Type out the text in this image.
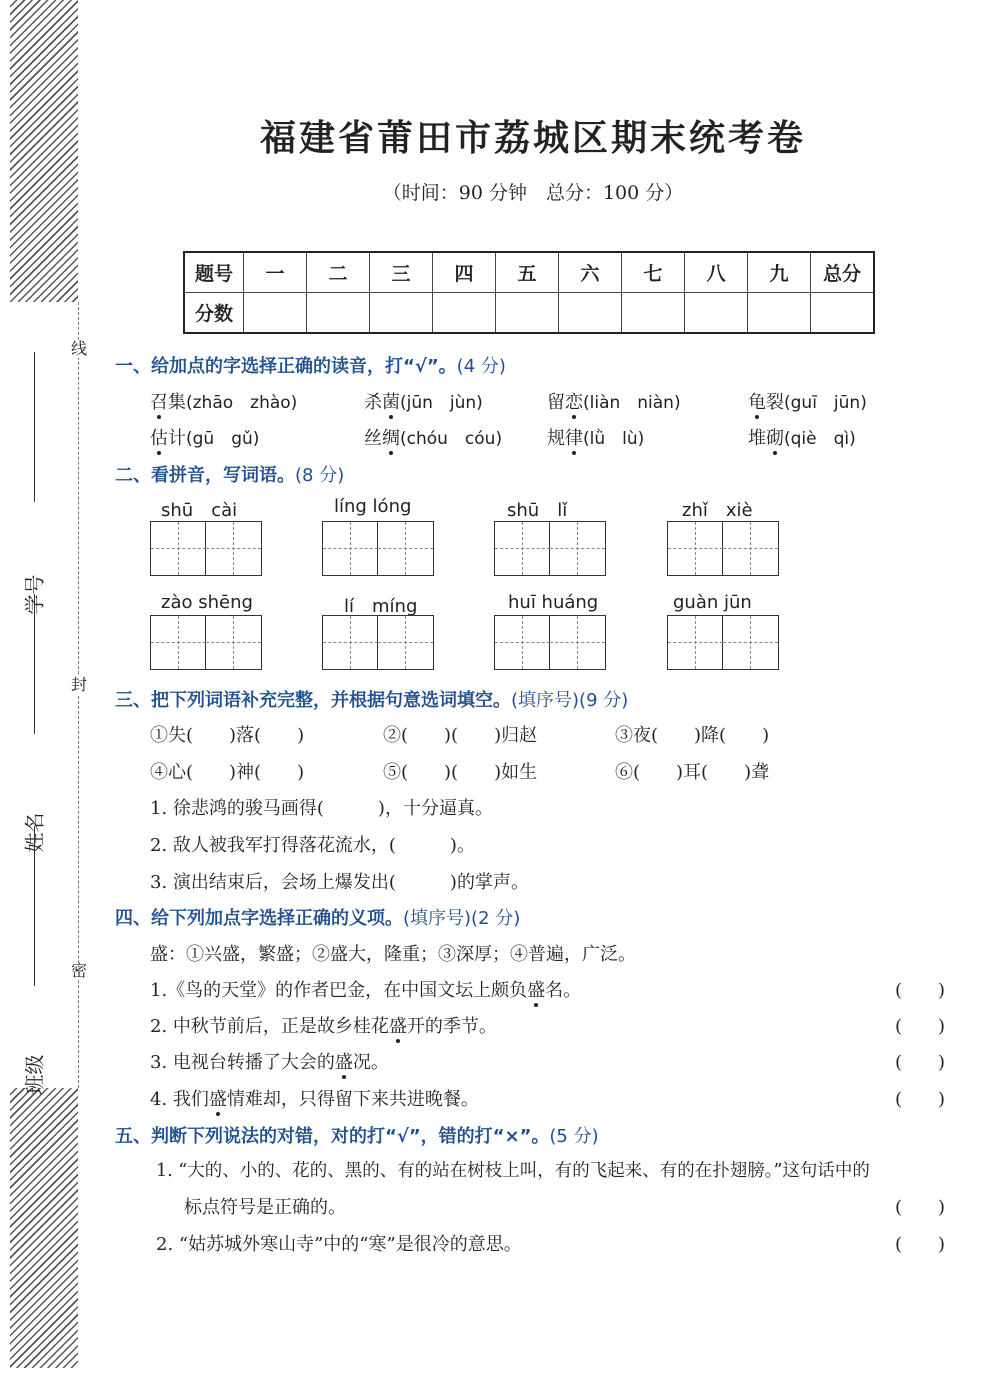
线
封
密
学号
姓名
班级
福建省莆田市荔城区期末统考卷
（时间：90 分钟　总分：100 分）
题号	一	二	三	四	五	六	七	八	九	总分
分数										
一、给加点的字选择正确的读音，打“√”。(4 分)
召集(zhāo　zhào)	杀菌(jūn　jùn)	留恋(liàn　niàn)	龟裂(guī　jūn)
估计(gū　gǔ)	丝绸(chóu　cóu) 规律(lǜ　lù)	堆砌(qiè　qì)
二、看拼音，写词语。(8 分)
shū　cài	líng lóng	shū　lǐ	zhǐ　xiè
zào shēng	lí　míng	huī huáng	guàn jūn
三、把下列词语补充完整，并根据句意选词填空。(填序号)(9 分)
①失(　　)落(　　)	②(　　)(　　)归赵	③夜(　　)降(　　)
④心(　　)神(　　)	⑤(　　)(　　)如生	⑥(　　)耳(　　)聋
1. 徐悲鸿的骏马画得(　　　)，十分逼真。
2. 敌人被我军打得落花流水，(　　　)。
3. 演出结束后，会场上爆发出(　　　)的掌声。
四、给下列加点字选择正确的义项。(填序号)(2 分)
盛：①兴盛，繁盛；②盛大，隆重；③深厚；④普遍，广泛。
1.《鸟的天堂》的作者巴金，在中国文坛上颇负盛名。	(　　)
2. 中秋节前后，正是故乡桂花盛开的季节。	(　　)
3. 电视台转播了大会的盛况。	(　　)
4. 我们盛情难却，只得留下来共进晚餐。	(　　)
五、判断下列说法的对错，对的打“√”，错的打“×”。(5 分)
1. “大的、小的、花的、黑的、有的站在树枝上叫，有的飞起来、有的在扑翅膀。”这句话中的
标点符号是正确的。	(　　)
2. “姑苏城外寒山寺”中的“寒”是很冷的意思。	(　　)
